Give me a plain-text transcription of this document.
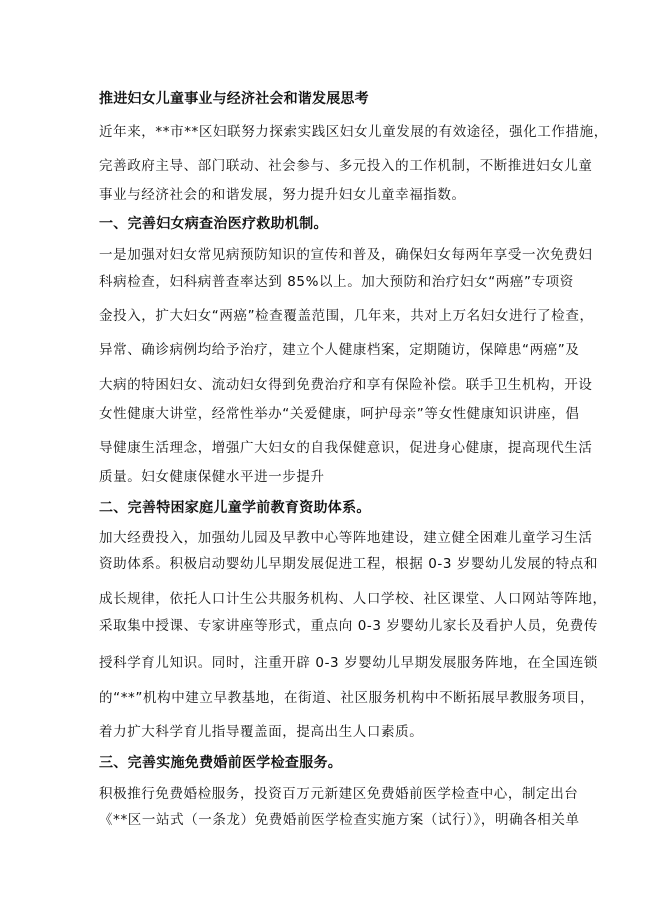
推进妇女儿童事业与经济社会和谐发展思考
近年来，**市**区妇联努力探索实践区妇女儿童发展的有效途径，强化工作措施，
完善政府主导、部门联动、社会参与、多元投入的工作机制，不断推进妇女儿童
事业与经济社会的和谐发展，努力提升妇女儿童幸福指数。
一、完善妇女病查治医疗救助机制。
一是加强对妇女常见病预防知识的宣传和普及，确保妇女每两年享受一次免费妇
科病检查，妇科病普查率达到 85%以上。加大预防和治疗妇女“两癌”专项资
金投入，扩大妇女“两癌”检查覆盖范围，几年来，共对上万名妇女进行了检查，
异常、确诊病例均给予治疗，建立个人健康档案，定期随访，保障患“两癌”及
大病的特困妇女、流动妇女得到免费治疗和享有保险补偿。联手卫生机构，开设
女性健康大讲堂，经常性举办“关爱健康，呵护母亲”等女性健康知识讲座，倡
导健康生活理念，增强广大妇女的自我保健意识，促进身心健康，提高现代生活
质量。妇女健康保健水平进一步提升
二、完善特困家庭儿童学前教育资助体系。
加大经费投入，加强幼儿园及早教中心等阵地建设，建立健全困难儿童学习生活
资助体系。积极启动婴幼儿早期发展促进工程，根据 0-3 岁婴幼儿发展的特点和
成长规律，依托人口计生公共服务机构、人口学校、社区课堂、人口网站等阵地，
采取集中授课、专家讲座等形式，重点向 0-3 岁婴幼儿家长及看护人员，免费传
授科学育儿知识。同时，注重开辟 0-3 岁婴幼儿早期发展服务阵地，在全国连锁
的“**”机构中建立早教基地，在街道、社区服务机构中不断拓展早教服务项目，
着力扩大科学育儿指导覆盖面，提高出生人口素质。
三、完善实施免费婚前医学检查服务。
积极推行免费婚检服务，投资百万元新建区免费婚前医学检查中心，制定出台
《**区一站式（一条龙）免费婚前医学检查实施方案（试行）》，明确各相关单
